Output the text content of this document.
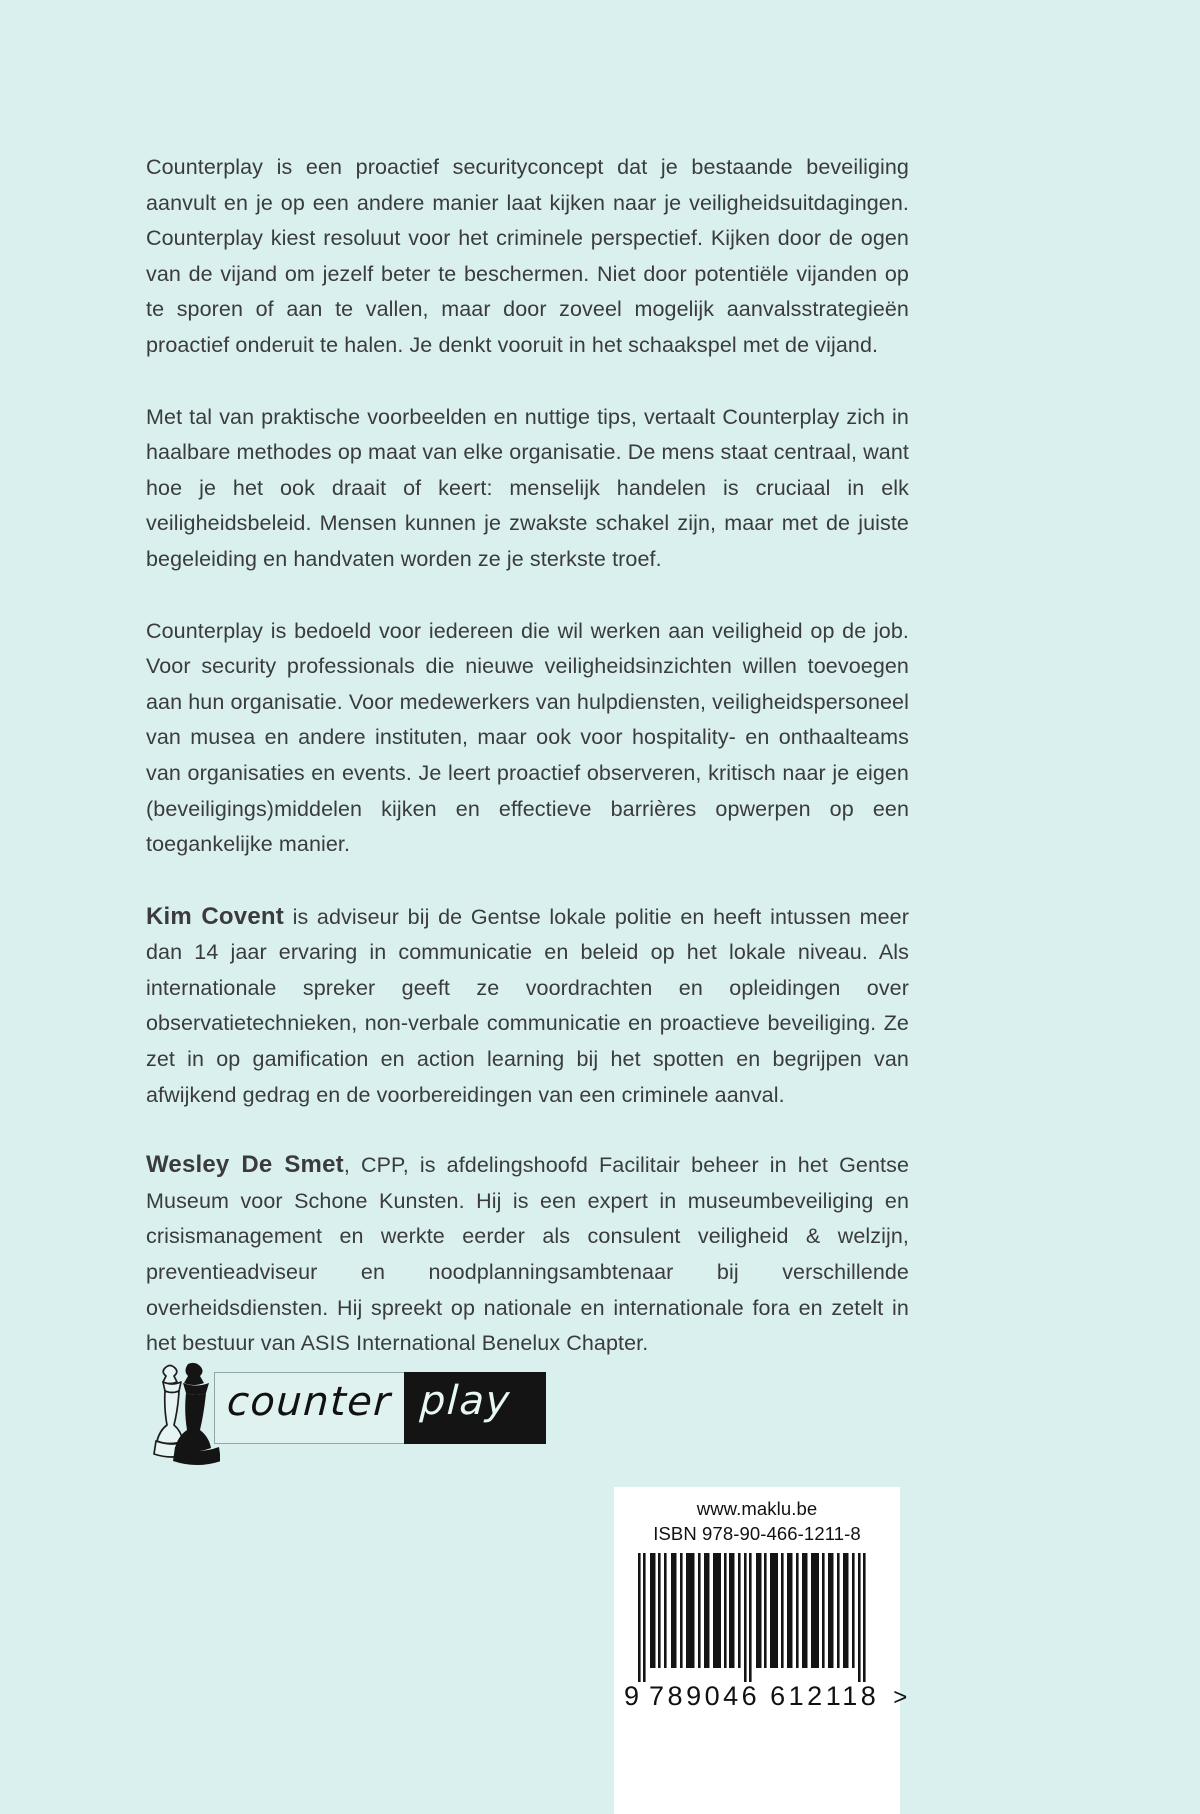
Counterplay is een proactief securityconcept dat je bestaande beveiliging aanvult en je op een andere manier laat kijken naar je veiligheidsuitdagingen. Counterplay kiest resoluut voor het criminele perspectief. Kijken door de ogen van de vijand om jezelf beter te beschermen. Niet door potentiële vijanden op te sporen of aan te vallen, maar door zoveel mogelijk aanvalsstrategieën proactief onderuit te halen. Je denkt vooruit in het schaakspel met de vijand.

Met tal van praktische voorbeelden en nuttige tips, vertaalt Counterplay zich in haalbare methodes op maat van elke organisatie. De mens staat centraal, want hoe je het ook draait of keert: menselijk handelen is cruciaal in elk veiligheidsbeleid. Mensen kunnen je zwakste schakel zijn, maar met de juiste begeleiding en handvaten worden ze je sterkste troef.

Counterplay is bedoeld voor iedereen die wil werken aan veiligheid op de job. Voor security professionals die nieuwe veiligheidsinzichten willen toevoegen aan hun organisatie. Voor medewerkers van hulpdiensten, veiligheidspersoneel van musea en andere instituten, maar ook voor hospitality- en onthaalteams van organisaties en events. Je leert proactief observeren, kritisch naar je eigen (beveiligings)middelen kijken en effectieve barrières opwerpen op een toegankelijke manier.

Kim Covent is adviseur bij de Gentse lokale politie en heeft intussen meer dan 14 jaar ervaring in communicatie en beleid op het lokale niveau. Als internationale spreker geeft ze voordrachten en opleidingen over observatietechnieken, non-verbale communicatie en proactieve beveiliging. Ze zet in op gamification en action learning bij het spotten en begrijpen van afwijkend gedrag en de voorbereidingen van een criminele aanval.

Wesley De Smet, CPP, is afdelingshoofd Facilitair beheer in het Gentse Museum voor Schone Kunsten. Hij is een expert in museumbeveiliging en crisismanagement en werkte eerder als consulent veiligheid & welzijn, preventieadviseur en noodplanningsambtenaar bij verschillende overheidsdiensten. Hij spreekt op nationale en internationale fora en zetelt in het bestuur van ASIS International Benelux Chapter.

counter play
www.maklu.be
ISBN 978-90-466-1211-8
9 789046 612118 >
